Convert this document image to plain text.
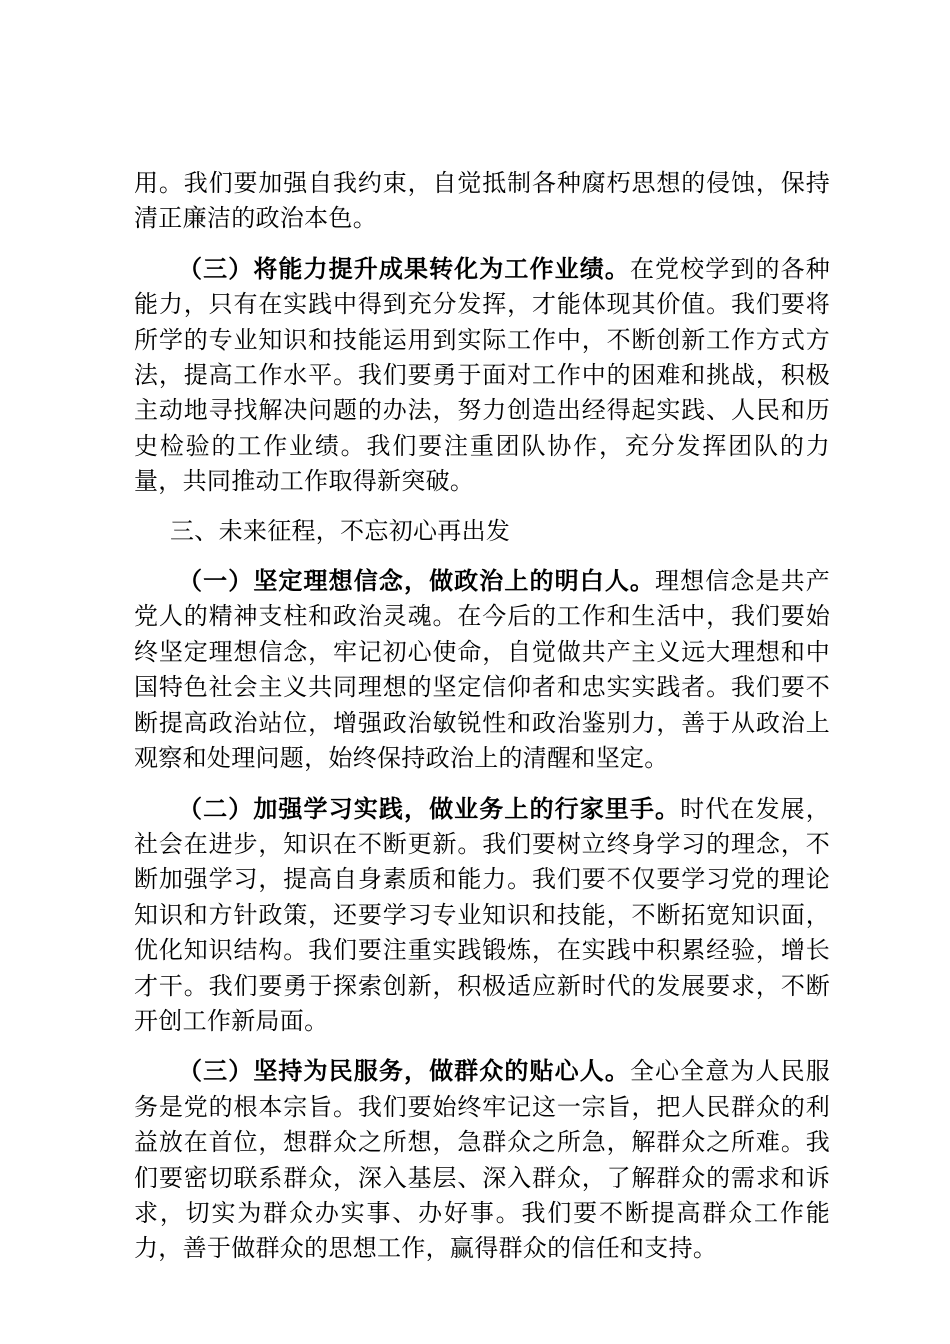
用。我们要加强自我约束，自觉抵制各种腐朽思想的侵蚀，保持清正廉洁的政治本色。

（三）将能力提升成果转化为工作业绩。在党校学到的各种能力，只有在实践中得到充分发挥，才能体现其价值。我们要将所学的专业知识和技能运用到实际工作中，不断创新工作方式方法，提高工作水平。我们要勇于面对工作中的困难和挑战，积极主动地寻找解决问题的办法，努力创造出经得起实践、人民和历史检验的工作业绩。我们要注重团队协作，充分发挥团队的力量，共同推动工作取得新突破。

三、未来征程，不忘初心再出发

（一）坚定理想信念，做政治上的明白人。理想信念是共产党人的精神支柱和政治灵魂。在今后的工作和生活中，我们要始终坚定理想信念，牢记初心使命，自觉做共产主义远大理想和中国特色社会主义共同理想的坚定信仰者和忠实实践者。我们要不断提高政治站位，增强政治敏锐性和政治鉴别力，善于从政治上观察和处理问题，始终保持政治上的清醒和坚定。

（二）加强学习实践，做业务上的行家里手。时代在发展，社会在进步，知识在不断更新。我们要树立终身学习的理念，不断加强学习，提高自身素质和能力。我们要不仅要学习党的理论知识和方针政策，还要学习专业知识和技能，不断拓宽知识面，优化知识结构。我们要注重实践锻炼，在实践中积累经验，增长才干。我们要勇于探索创新，积极适应新时代的发展要求，不断开创工作新局面。

（三）坚持为民服务，做群众的贴心人。全心全意为人民服务是党的根本宗旨。我们要始终牢记这一宗旨，把人民群众的利益放在首位，想群众之所想，急群众之所急，解群众之所难。我们要密切联系群众，深入基层、深入群众，了解群众的需求和诉求，切实为群众办实事、办好事。我们要不断提高群众工作能力，善于做群众的思想工作，赢得群众的信任和支持。
